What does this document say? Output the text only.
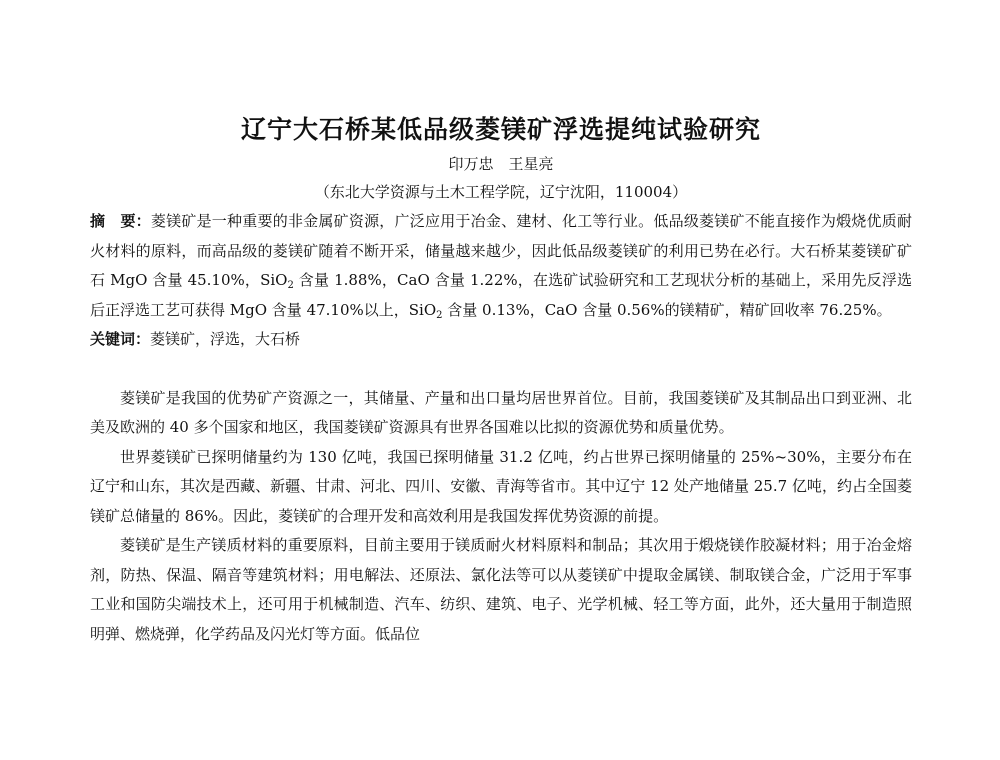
辽宁大石桥某低品级菱镁矿浮选提纯试验研究
印万忠　王星亮
（东北大学资源与土木工程学院，辽宁沈阳，110004）
摘　要：菱镁矿是一种重要的非金属矿资源，广泛应用于冶金、建材、化工等行业。低品级菱镁矿不能直接作为煅烧优质耐火材料的原料，而高品级的菱镁矿随着不断开采，储量越来越少，因此低品级菱镁矿的利用已势在必行。大石桥某菱镁矿矿石 MgO 含量 45.10%，SiO$_2$ 含量 1.88%，CaO 含量 1.22%，在选矿试验研究和工艺现状分析的基础上，采用先反浮选后正浮选工艺可获得 MgO 含量 47.10%以上，SiO$_2$ 含量 0.13%，CaO 含量 0.56%的镁精矿，精矿回收率 76.25%。
关键词：菱镁矿，浮选，大石桥

菱镁矿是我国的优势矿产资源之一，其储量、产量和出口量均居世界首位。目前，我国菱镁矿及其制品出口到亚洲、北美及欧洲的 40 多个国家和地区，我国菱镁矿资源具有世界各国难以比拟的资源优势和质量优势。

世界菱镁矿已探明储量约为 130 亿吨，我国已探明储量 31.2 亿吨，约占世界已探明储量的 25%~30%，主要分布在辽宁和山东，其次是西藏、新疆、甘肃、河北、四川、安徽、青海等省市。其中辽宁 12 处产地储量 25.7 亿吨，约占全国菱镁矿总储量的 86%。因此，菱镁矿的合理开发和高效利用是我国发挥优势资源的前提。

菱镁矿是生产镁质材料的重要原料，目前主要用于镁质耐火材料原料和制品；其次用于煅烧镁作胶凝材料；用于冶金熔剂，防热、保温、隔音等建筑材料；用电解法、还原法、氯化法等可以从菱镁矿中提取金属镁、制取镁合金，广泛用于军事工业和国防尖端技术上，还可用于机械制造、汽车、纺织、建筑、电子、光学机械、轻工等方面，此外，还大量用于制造照明弹、燃烧弹，化学药品及闪光灯等方面。低品位
